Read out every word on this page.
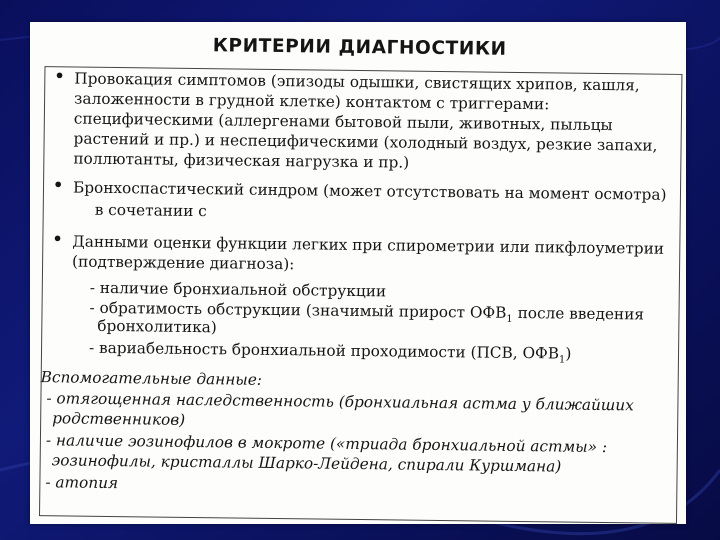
КРИТЕРИИ ДИАГНОСТИКИ
• Провокация симптомов (эпизоды одышки, свистящих хрипов, кашля,
заложенности в грудной клетке) контактом с триггерами:
специфическими (аллергенами бытовой пыли, животных, пыльцы
растений и пр.) и неспецифическими (холодный воздух, резкие запахи,
поллютанты, физическая нагрузка и пр.)
• Бронхоспастический синдром (может отсутствовать на момент осмотра)
в сочетании с
• Данными оценки функции легких при спирометрии или пикфлоуметрии
(подтверждение диагноза):
- наличие бронхиальной обструкции
- обратимость обструкции (значимый прирост $ОФВ_1$ после введения
бронхолитика)
- вариабельность бронхиальной проходимости (ПСВ, $ОФВ_1$)
Вспомогательные данные:
- отягощенная наследственность (бронхиальная астма у ближайших
родственников)
- наличие эозинофилов в мокроте («триада бронхиальной астмы» :
эозинофилы, кристаллы Шарко-Лейдена, спирали Куршмана)
- атопия
